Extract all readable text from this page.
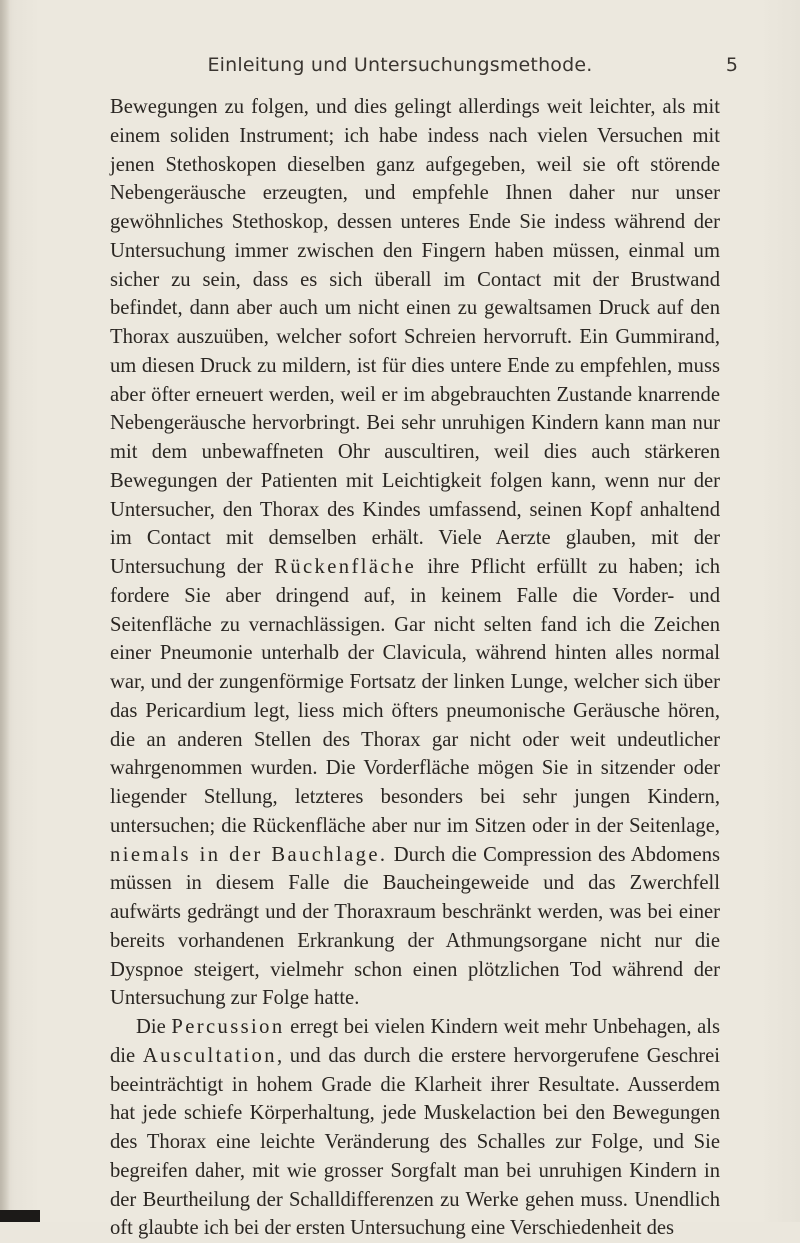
Einleitung und Untersuchungsmethode.	5

Bewegungen zu folgen, und dies gelingt allerdings weit leichter, als mit einem soliden Instrument; ich habe indess nach vielen Versuchen mit jenen Stethoskopen dieselben ganz aufgegeben, weil sie oft störende Nebengeräusche erzeugten, und empfehle Ihnen daher nur unser gewöhnliches Stethoskop, dessen unteres Ende Sie indess während der Untersuchung immer zwischen den Fingern haben müssen, einmal um sicher zu sein, dass es sich überall im Contact mit der Brustwand befindet, dann aber auch um nicht einen zu gewaltsamen Druck auf den Thorax auszuüben, welcher sofort Schreien hervorruft. Ein Gummirand, um diesen Druck zu mildern, ist für dies untere Ende zu empfehlen, muss aber öfter erneuert werden, weil er im abgebrauchten Zustande knarrende Nebengeräusche hervorbringt. Bei sehr unruhigen Kindern kann man nur mit dem unbewaffneten Ohr auscultiren, weil dies auch stärkeren Bewegungen der Patienten mit Leichtigkeit folgen kann, wenn nur der Untersucher, den Thorax des Kindes umfassend, seinen Kopf anhaltend im Contact mit demselben erhält. Viele Aerzte glauben, mit der Untersuchung der Rückenfläche ihre Pflicht erfüllt zu haben; ich fordere Sie aber dringend auf, in keinem Falle die Vorder- und Seitenfläche zu vernachlässigen. Gar nicht selten fand ich die Zeichen einer Pneumonie unterhalb der Clavicula, während hinten alles normal war, und der zungenförmige Fortsatz der linken Lunge, welcher sich über das Pericardium legt, liess mich öfters pneumonische Geräusche hören, die an anderen Stellen des Thorax gar nicht oder weit undeutlicher wahrgenommen wurden. Die Vorderfläche mögen Sie in sitzender oder liegender Stellung, letzteres besonders bei sehr jungen Kindern, untersuchen; die Rückenfläche aber nur im Sitzen oder in der Seitenlage, niemals in der Bauchlage. Durch die Compression des Abdomens müssen in diesem Falle die Baucheingeweide und das Zwerchfell aufwärts gedrängt und der Thoraxraum beschränkt werden, was bei einer bereits vorhandenen Erkrankung der Athmungsorgane nicht nur die Dyspnoe steigert, vielmehr schon einen plötzlichen Tod während der Untersuchung zur Folge hatte.

Die Percussion erregt bei vielen Kindern weit mehr Unbehagen, als die Auscultation, und das durch die erstere hervorgerufene Geschrei beeinträchtigt in hohem Grade die Klarheit ihrer Resultate. Ausserdem hat jede schiefe Körperhaltung, jede Muskelaction bei den Bewegungen des Thorax eine leichte Veränderung des Schalles zur Folge, und Sie begreifen daher, mit wie grosser Sorgfalt man bei unruhigen Kindern in der Beurtheilung der Schalldifferenzen zu Werke gehen muss. Unendlich oft glaubte ich bei der ersten Untersuchung eine Verschiedenheit des
